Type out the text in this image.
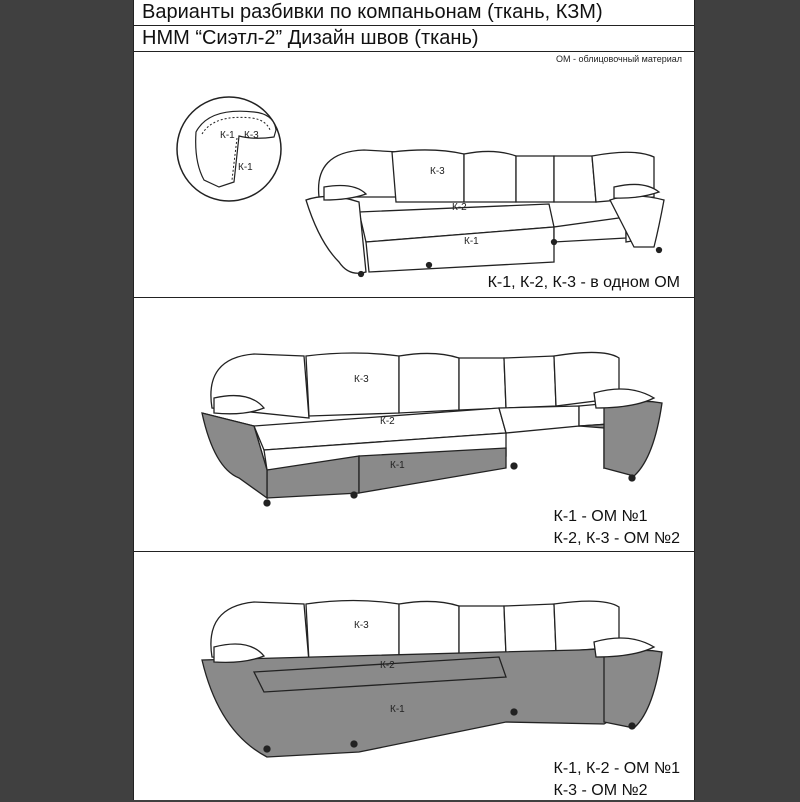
Варианты разбивки по компаньонам (ткань, КЗМ)
НММ “Сиэтл-2” Дизайн швов (ткань)
ОМ - облицовочный материал
К-1 К-3
К-1	К-3
К-2
К-1
К-1, К-2, К-3 - в одном ОМ
К-3
К-2
К-1
К-1 - ОМ №1
К-2, К-3 - ОМ №2
К-3
К-2
К-1
К-1, К-2 - ОМ №1
К-3 - ОМ №2
